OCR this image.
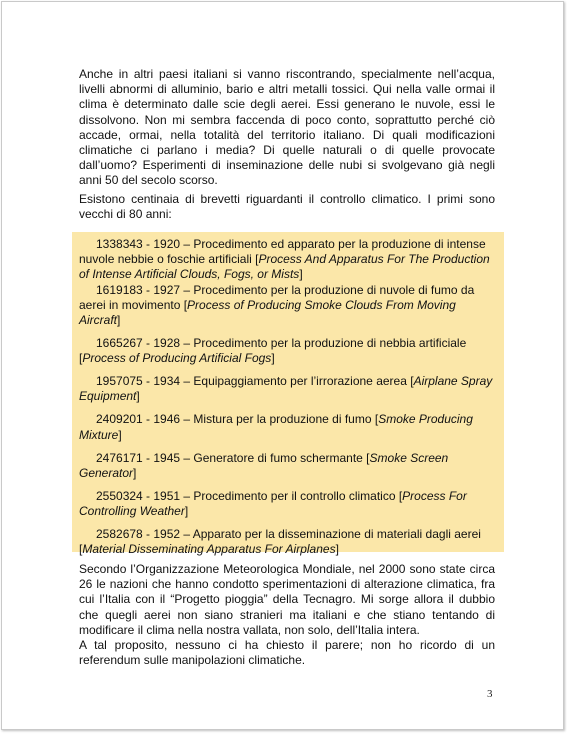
Anche in altri paesi italiani si vanno riscontrando, specialmente nell’acqua, livelli abnormi di alluminio, bario e altri metalli tossici. Qui nella valle ormai il clima è determinato dalle scie degli aerei. Essi generano le nuvole, essi le dissolvono. Non mi sembra faccenda di poco conto, soprattutto perché ciò accade, ormai, nella totalità del territorio italiano. Di quali modificazioni climatiche ci parlano i media? Di quelle naturali o di quelle provocate dall’uomo? Esperimenti di inseminazione delle nubi si svolgevano già negli anni 50 del secolo scorso.

Esistono centinaia di brevetti riguardanti il controllo climatico. I primi sono vecchi di 80 anni:

1338343 - 1920 – Procedimento ed apparato per la produzione di intense nuvole nebbie o foschie artificiali [Process And Apparatus For The Production of Intense Artificial Clouds, Fogs, or Mists]

1619183 - 1927 – Procedimento per la produzione di nuvole di fumo da aerei in movimento [Process of Producing Smoke Clouds From Moving Aircraft]

1665267 - 1928 – Procedimento per la produzione di nebbia artificiale [Process of Producing Artificial Fogs]

1957075 - 1934 – Equipaggiamento per l’irrorazione aerea [Airplane Spray Equipment]

2409201 - 1946 – Mistura per la produzione di fumo [Smoke Producing Mixture]

2476171 - 1945 – Generatore di fumo schermante [Smoke Screen Generator]

2550324 - 1951 – Procedimento per il controllo climatico [Process For Controlling Weather]

2582678 - 1952 – Apparato per la disseminazione di materiali dagli aerei [Material Disseminating Apparatus For Airplanes]

Secondo l’Organizzazione Meteorologica Mondiale, nel 2000 sono state circa 26 le nazioni che hanno condotto sperimentazioni di alterazione climatica, fra cui l’Italia con il “Progetto pioggia” della Tecnagro. Mi sorge allora il dubbio che quegli aerei non siano stranieri ma italiani e che stiano tentando di modificare il clima nella nostra vallata, non solo, dell’Italia intera.

A tal proposito, nessuno ci ha chiesto il parere; non ho ricordo di un referendum sulle manipolazioni climatiche.

3
